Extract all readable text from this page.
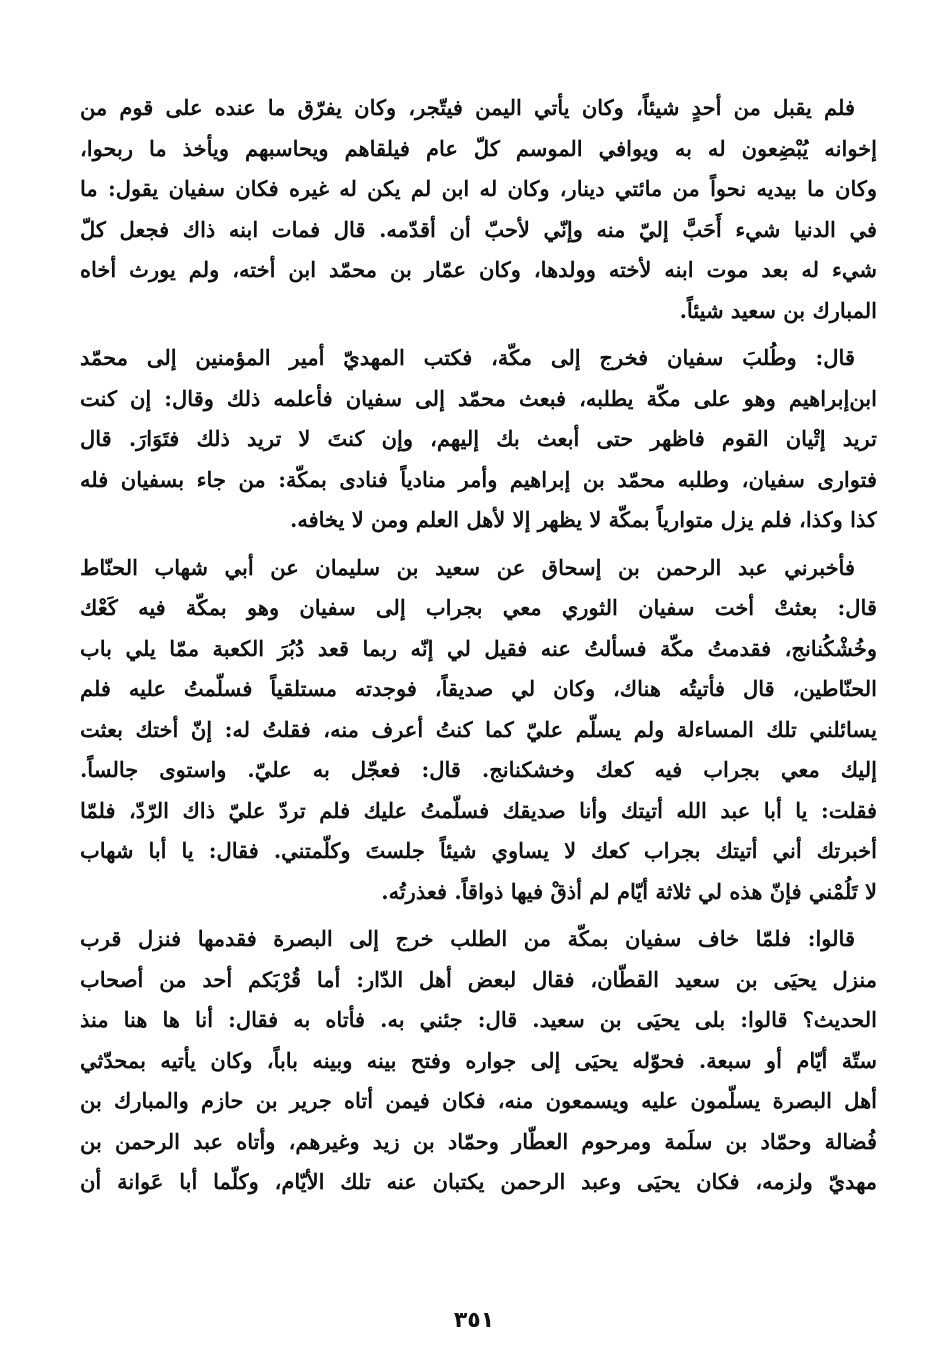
فلم يقبل من أحدٍ شيئاً، وكان يأتي اليمن فيتّجر، وكان يفرّق ما عنده على قوم من
إخوانه يُبْضِعون له به ويوافي الموسم كلّ عام فيلقاهم ويحاسبهم ويأخذ ما ربحوا،
وكان ما بيديه نحواً من مائتي دينار، وكان له ابن لم يكن له غيره فكان سفيان يقول: ما
في الدنيا شيء أَحَبَّ إليّ منه وإنّي لأحبّ أن أقدّمه. قال فمات ابنه ذاك فجعل كلّ
شيء له بعد موت ابنه لأخته وولدها، وكان عمّار بن محمّد ابن أخته، ولم يورث أخاه
المبارك بن سعيد شيئاً.

قال: وطُلبَ سفيان فخرج إلى مكّة، فكتب المهديّ أمير المؤمنين إلى محمّد
ابن‌إبراهيم وهو على مكّة يطلبه، فبعث محمّد إلى سفيان فأعلمه ذلك وقال: إن كنت
تريد إتْيان القوم فاظهر حتى أبعث بك إليهم، وإن كنتَ لا تريد ذلك فتَوَارَ. قال
فتوارى سفيان، وطلبه محمّد بن إبراهيم وأمر منادياً فنادى بمكّة: من جاء بسفيان فله
كذا وكذا، فلم يزل متوارياً بمكّة لا يظهر إلا لأهل العلم ومن لا يخافه.

فأخبرني عبد الرحمن بن إسحاق عن سعيد بن سليمان عن أبي شهاب الحنّاط
قال: بعثتْ أخت سفيان الثوري معي بجراب إلى سفيان وهو بمكّة فيه كَعْك
وخُشْكُنانج، فقدمتُ مكّة فسألتُ عنه فقيل لي إنّه ربما قعد دُبُرَ الكعبة ممّا يلي باب
الحنّاطين، قال فأتيتُه هناك، وكان لي صديقاً، فوجدته مستلقياً فسلّمتُ عليه فلم
يسائلني تلك المساءلة ولم يسلّم عليّ كما كنتُ أعرف منه، فقلتُ له: إنّ أختك بعثت
إليك معي بجراب فيه كعك وخشكنانج. قال: فعجّل به عليّ. واستوى جالساً.
فقلت: يا أبا عبد الله أتيتك وأنا صديقك فسلّمتُ عليك فلم تردّ عليّ ذاك الرّدّ، فلمّا
أخبرتك أني أتيتك بجراب كعك لا يساوي شيئاً جلستَ وكلّمتني. فقال: يا أبا شهاب
لا تَلُمْني فإنّ هذه لي ثلاثة أيّام لم أذقْ فيها ذواقاً. فعذرتُه.

قالوا: فلمّا خاف سفيان بمكّة من الطلب خرج إلى البصرة فقدمها فنزل قرب
منزل يحيَى بن سعيد القطّان، فقال لبعض أهل الدّار: أما قُرْبَكم أحد من أصحاب
الحديث؟ قالوا: بلى يحيَى بن سعيد. قال: جئني به. فأتاه به فقال: أنا ها هنا منذ
ستّة أيّام أو سبعة. فحوّله يحيَى إلى جواره وفتح بينه وبينه باباً، وكان يأتيه بمحدّثي
أهل البصرة يسلّمون عليه ويسمعون منه، فكان فيمن أتاه جرير بن حازم والمبارك بن
فُضالة وحمّاد بن سلَمة ومرحوم العطّار وحمّاد بن زيد وغيرهم، وأتاه عبد الرحمن بن
مهديّ ولزمه، فكان يحيَى وعبد الرحمن يكتبان عنه تلك الأيّام، وكلّما أبا عَوانة أن

٣٥١
